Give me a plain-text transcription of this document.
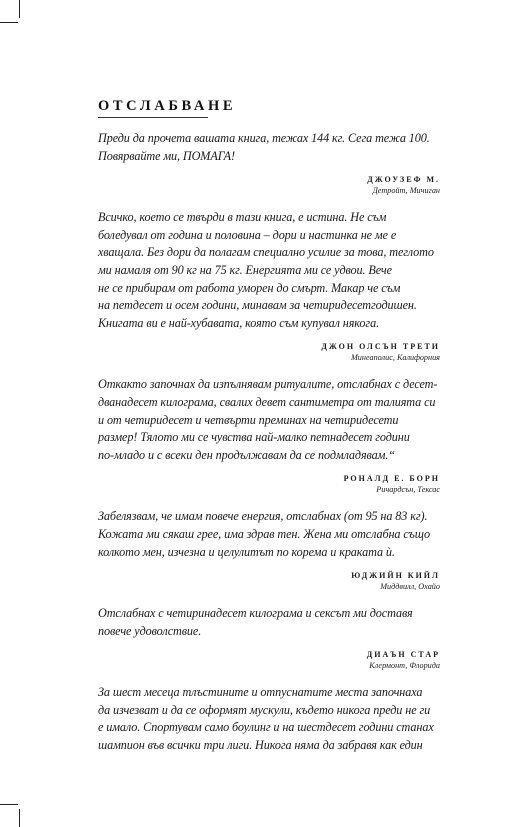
ОТСЛАБВАНЕ

Преди да прочета вашата книга, тежах 144 кг. Сега тежа 100.
Повярвайте ми, ПОМАГА!

ДЖОУЗЕФ М.
Детройт, Мичиган

Всичко, което се твърди в тази книга, е истина. Не съм
боледувал от година и половина – дори и настинка не ме е
хващала. Без дори да полагам специално усилие за това, теглото
ми намаля от 90 кг на 75 кг. Енергията ми се удвои. Вече
не се прибирам от работа уморен до смърт. Макар че съм
на петдесет и осем години, минавам за четиридесетгодишен.
Книгата ви е най-хубавата, която съм купувал някога.

ДЖОН ОЛСЪН ТРЕТИ
Минеаполис, Калифорния

Откакто започнах да изпълнявам ритуалите, отслабнах с десет-
дванадесет килограма, свалих девет сантиметра от талията си
и от четиридесет и четвърти преминах на четиридесети
размер! Тялото ми се чувства най-малко петнадесет години
по-младо и с всеки ден продължавам да се подмладявам.“

РОНАЛД Е. БОРН
Ричардсън, Тексас

Забелязвам, че имам повече енергия, отслабнах (от 95 на 83 кг).
Кожата ми сякаш грее, има здрав тен. Жена ми отслабна също
колкото мен, изчезна и целулитът по корема и краката ù.

ЮДЖИЙН КИЙЛ
Миддвилл, Охайо

Отслабнах с четиринадесет килограма и сексът ми доставя
повече удоволствие.

ДИАЪН СТАР
Клермонт, Флорида

За шест месеца тлъстините и отпуснатите места започнаха
да изчезват и да се оформят мускули, където никога преди не ги
е имало. Спортувам само боулинг и на шестдесет години станах
шампион във всички три лиги. Никога няма да забравя как един
